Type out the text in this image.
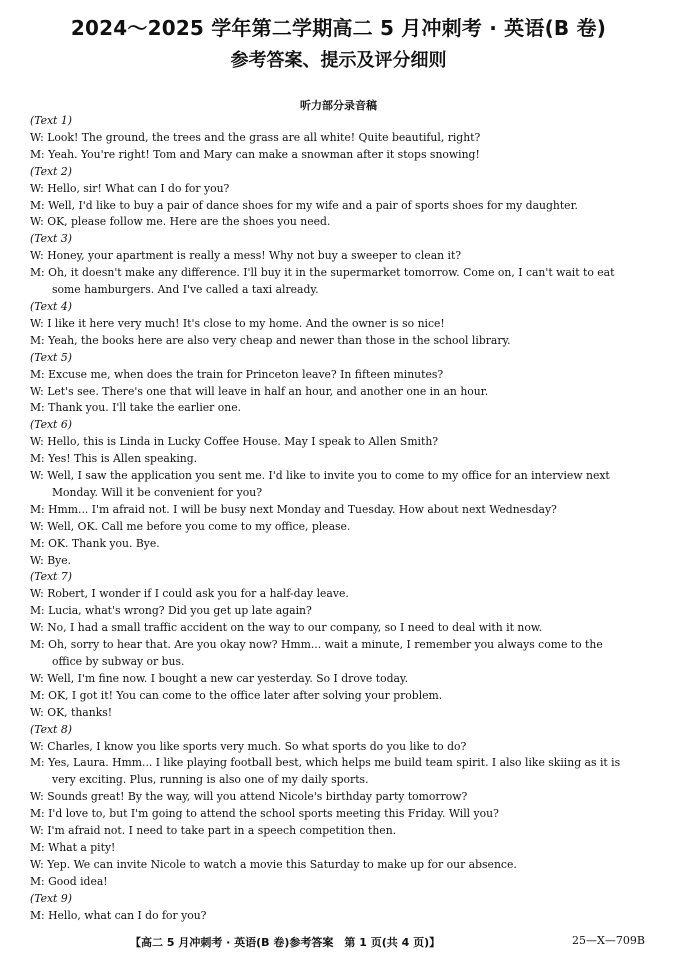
2024～2025 学年第二学期高二 5 月冲刺考 · 英语(B 卷)
参考答案、提示及评分细则
听力部分录音稿
(Text 1)
W: Look! The ground, the trees and the grass are all white! Quite beautiful, right?
M: Yeah. You're right! Tom and Mary can make a snowman after it stops snowing!
(Text 2)
W: Hello, sir! What can I do for you?
M: Well, I'd like to buy a pair of dance shoes for my wife and a pair of sports shoes for my daughter.
W: OK, please follow me. Here are the shoes you need.
(Text 3)
W: Honey, your apartment is really a mess! Why not buy a sweeper to clean it?
M: Oh, it doesn't make any difference. I'll buy it in the supermarket tomorrow. Come on, I can't wait to eat
some hamburgers. And I've called a taxi already.
(Text 4)
W: I like it here very much! It's close to my home. And the owner is so nice!
M: Yeah, the books here are also very cheap and newer than those in the school library.
(Text 5)
M: Excuse me, when does the train for Princeton leave? In fifteen minutes?
W: Let's see. There's one that will leave in half an hour, and another one in an hour.
M: Thank you. I'll take the earlier one.
(Text 6)
W: Hello, this is Linda in Lucky Coffee House. May I speak to Allen Smith?
M: Yes! This is Allen speaking.
W: Well, I saw the application you sent me. I'd like to invite you to come to my office for an interview next
Monday. Will it be convenient for you?
M: Hmm... I'm afraid not. I will be busy next Monday and Tuesday. How about next Wednesday?
W: Well, OK. Call me before you come to my office, please.
M: OK. Thank you. Bye.
W: Bye.
(Text 7)
W: Robert, I wonder if I could ask you for a half-day leave.
M: Lucia, what's wrong? Did you get up late again?
W: No, I had a small traffic accident on the way to our company, so I need to deal with it now.
M: Oh, sorry to hear that. Are you okay now? Hmm... wait a minute, I remember you always come to the
office by subway or bus.
W: Well, I'm fine now. I bought a new car yesterday. So I drove today.
M: OK, I got it! You can come to the office later after solving your problem.
W: OK, thanks!
(Text 8)
W: Charles, I know you like sports very much. So what sports do you like to do?
M: Yes, Laura. Hmm... I like playing football best, which helps me build team spirit. I also like skiing as it is
very exciting. Plus, running is also one of my daily sports.
W: Sounds great! By the way, will you attend Nicole's birthday party tomorrow?
M: I'd love to, but I'm going to attend the school sports meeting this Friday. Will you?
W: I'm afraid not. I need to take part in a speech competition then.
M: What a pity!
W: Yep. We can invite Nicole to watch a movie this Saturday to make up for our absence.
M: Good idea!
(Text 9)
M: Hello, what can I do for you?
【高二 5 月冲刺考 · 英语(B 卷)参考答案　第 1 页(共 4 页)】	25—X—709B
